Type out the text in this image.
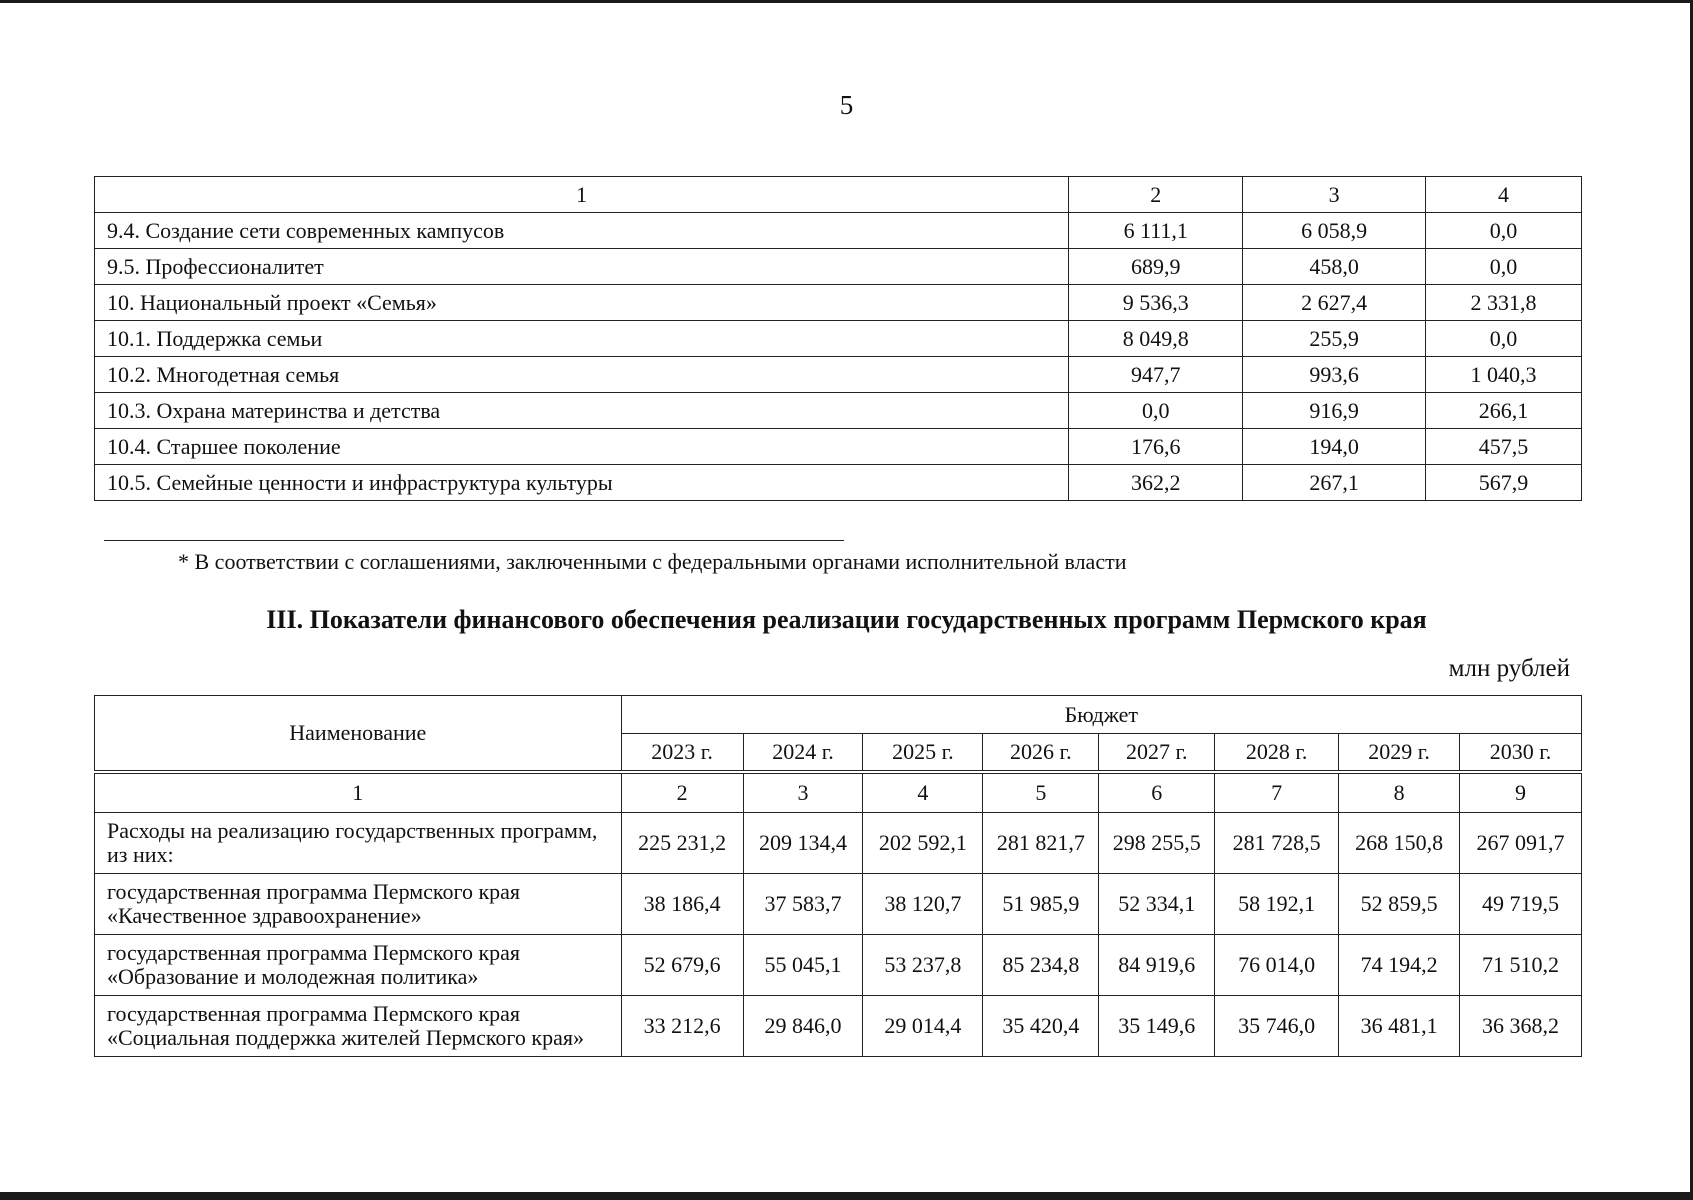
5
1	2	3	4
9.4. Создание сети современных кампусов	6 111,1	6 058,9	0,0
9.5. Профессионалитет	689,9	458,0	0,0
10. Национальный проект «Семья»	9 536,3	2 627,4	2 331,8
10.1. Поддержка семьи	8 049,8	255,9	0,0
10.2. Многодетная семья	947,7	993,6	1 040,3
10.3. Охрана материнства и детства	0,0	916,9	266,1
10.4. Старшее поколение	176,6	194,0	457,5
10.5. Семейные ценности и инфраструктура культуры	362,2	267,1	567,9
* В соответствии с соглашениями, заключенными с федеральными органами исполнительной власти
III. Показатели финансового обеспечения реализации государственных программ Пермского края
млн рублей
Наименование	Бюджет							
	2023 г.	2024 г.	2025 г.	2026 г.	2027 г.	2028 г.	2029 г.	2030 г.
1	2	3	4	5	6	7	8	9
Расходы на реализацию государственных программ,
из них:	225 231,2	209 134,4	202 592,1	281 821,7	298 255,5	281 728,5	268 150,8	267 091,7
государственная программа Пермского края
«Качественное здравоохранение»	38 186,4	37 583,7	38 120,7	51 985,9	52 334,1	58 192,1	52 859,5	49 719,5
государственная программа Пермского края
«Образование и молодежная политика»	52 679,6	55 045,1	53 237,8	85 234,8	84 919,6	76 014,0	74 194,2	71 510,2
государственная программа Пермского края
«Социальная поддержка жителей Пермского края»	33 212,6	29 846,0	29 014,4	35 420,4	35 149,6	35 746,0	36 481,1	36 368,2
